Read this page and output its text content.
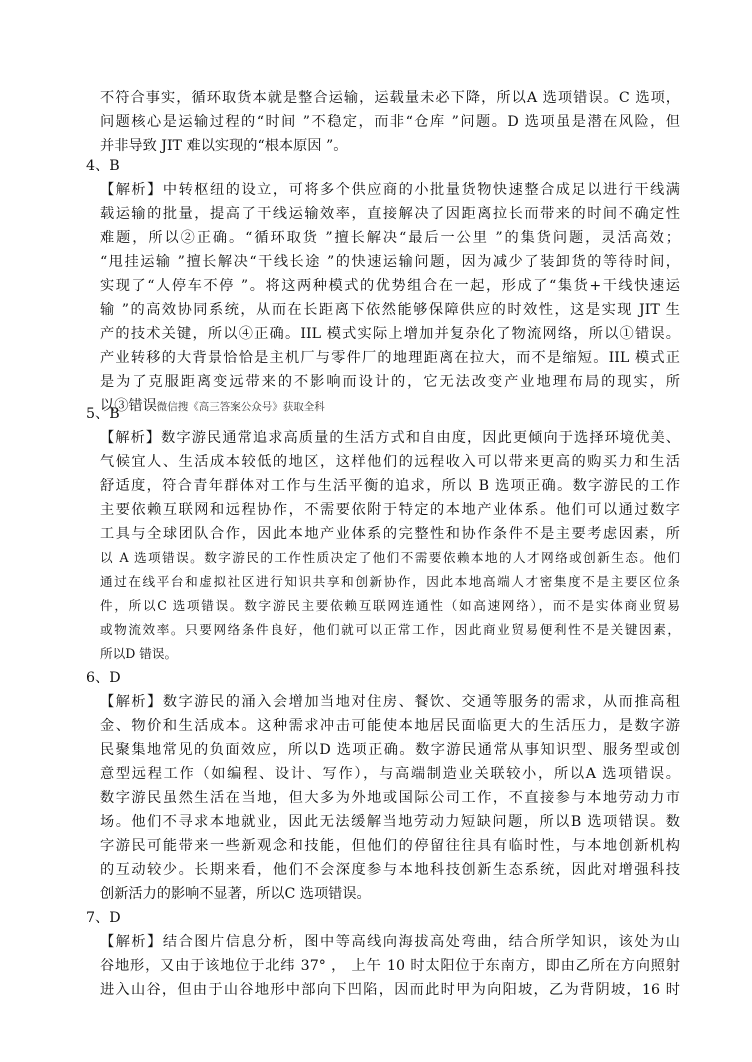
不符合事实，循环取货本就是整合运输，运载量未必下降，所以A 选项错误。C 选项，
问题核心是运输过程的“时间 ”不稳定，而非“仓库 ”问题。D 选项虽是潜在风险，但
并非导致 JIT 难以实现的“根本原因 ”。
4、B
【解析】中转枢纽的设立，可将多个供应商的小批量货物快速整合成足以进行干线满
载运输的批量，提高了干线运输效率，直接解决了因距离拉长而带来的时间不确定性
难题，所以②正确。“循环取货 ”擅长解决“最后一公里 ”的集货问题，灵活高效；
“甩挂运输 ”擅长解决“干线长途 ”的快速运输问题，因为减少了装卸货的等待时间，
实现了“人停车不停 ”。将这两种模式的优势组合在一起，形成了“集货+干线快速运
输 ”的高效协同系统，从而在长距离下依然能够保障供应的时效性，这是实现 JIT 生
产的技术关键，所以④正确。IIL 模式实际上增加并复杂化了物流网络，所以①错误。
产业转移的大背景恰恰是主机厂与零件厂的地理距离在拉大，而不是缩短。IIL 模式正
是为了克服距离变远带来的不影响而设计的，它无法改变产业地理布局的现实，所
以③错误微信搜《高三答案公众号》获取全科
5、B
【解析】数字游民通常追求高质量的生活方式和自由度，因此更倾向于选择环境优美、
气候宜人、生活成本较低的地区，这样他们的远程收入可以带来更高的购买力和生活
舒适度，符合青年群体对工作与生活平衡的追求，所以 B 选项正确。数字游民的工作
主要依赖互联网和远程协作，不需要依附于特定的本地产业体系。他们可以通过数字
工具与全球团队合作，因此本地产业体系的完整性和协作条件不是主要考虑因素，所
以 A 选项错误。数字游民的工作性质决定了他们不需要依赖本地的人才网络或创新生态。他们
通过在线平台和虚拟社区进行知识共享和创新协作，因此本地高端人才密集度不是主要区位条
件，所以C 选项错误。数字游民主要依赖互联网连通性（如高速网络），而不是实体商业贸易
或物流效率。只要网络条件良好，他们就可以正常工作，因此商业贸易便利性不是关键因素，
所以D 错误。
6、D
【解析】数字游民的涌入会增加当地对住房、餐饮、交通等服务的需求，从而推高租
金、物价和生活成本。这种需求冲击可能使本地居民面临更大的生活压力，是数字游
民聚集地常见的负面效应，所以D 选项正确。数字游民通常从事知识型、服务型或创
意型远程工作（如编程、设计、写作），与高端制造业关联较小，所以A 选项错误。
数字游民虽然生活在当地，但大多为外地或国际公司工作，不直接参与本地劳动力市
场。他们不寻求本地就业，因此无法缓解当地劳动力短缺问题，所以B 选项错误。数
字游民可能带来一些新观念和技能，但他们的停留往往具有临时性，与本地创新机构
的互动较少。长期来看，他们不会深度参与本地科技创新生态系统，因此对增强科技
创新活力的影响不显著，所以C 选项错误。
7、D
【解析】结合图片信息分析，图中等高线向海拔高处弯曲，结合所学知识，该处为山
谷地形，又由于该地位于北纬 37° ， 上午 10 时太阳位于东南方，即由乙所在方向照射
进入山谷，但由于山谷地形中部向下凹陷，因而此时甲为向阳坡，乙为背阴坡，16 时
